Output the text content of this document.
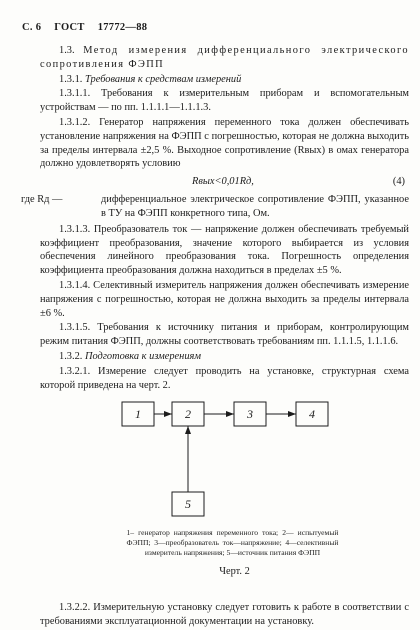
С. 6 ГОСТ 17772—88

1.3. Метод измерения дифференциального электрического сопротивления ФЭПП

1.3.1. Требования к средствам измерений

1.3.1.1. Требования к измерительным приборам и вспомогательным устройствам — по пп. 1.1.1.1—1.1.1.3.

1.3.1.2. Генератор напряжения переменного тока должен обеспечивать установление напряжения на ФЭПП с погрешностью, которая не должна выходить за пределы интервала ±2,5 %. Выходное сопротивление (Rвых) в омах генератора должно удовлетворять условию

Rвых<0,01Rд,	(4)
где Rд —	дифференциальное электрическое сопротивление ФЭПП, указанное в ТУ на ФЭПП конкретного типа, Ом.

1.3.1.3. Преобразователь ток — напряжение должен обеспечивать требуемый коэффициент преобразования, значение которого выбирается из условия обеспечения линейного преобразования тока. Погрешность определения коэффициента преобразования должна находиться в пределах ±5 %.

1.3.1.4. Селективный измеритель напряжения должен обеспечивать измерение напряжения с погрешностью, которая не должна выходить за пределы интервала ±6 %.

1.3.1.5. Требования к источнику питания и приборам, контролирующим режим питания ФЭПП, должны соответствовать требованиям пп. 1.1.1.5, 1.1.1.6.

1.3.2. Подготовка к измерениям

1.3.2.1. Измерение следует проводить на установке, структурная схема которой приведена на черт. 2.

1	2	3	4
5

1– генератор напряжения переменного тока; 2— испытуемый ФЭПП; 3—преобразователь ток—напряжение; 4—селективный измеритель напряжения; 5—источник питания ФЭПП

Черт. 2

1.3.2.2. Измерительную установку следует готовить к работе в соответствии с требованиями эксплуатационной документации на установку.
